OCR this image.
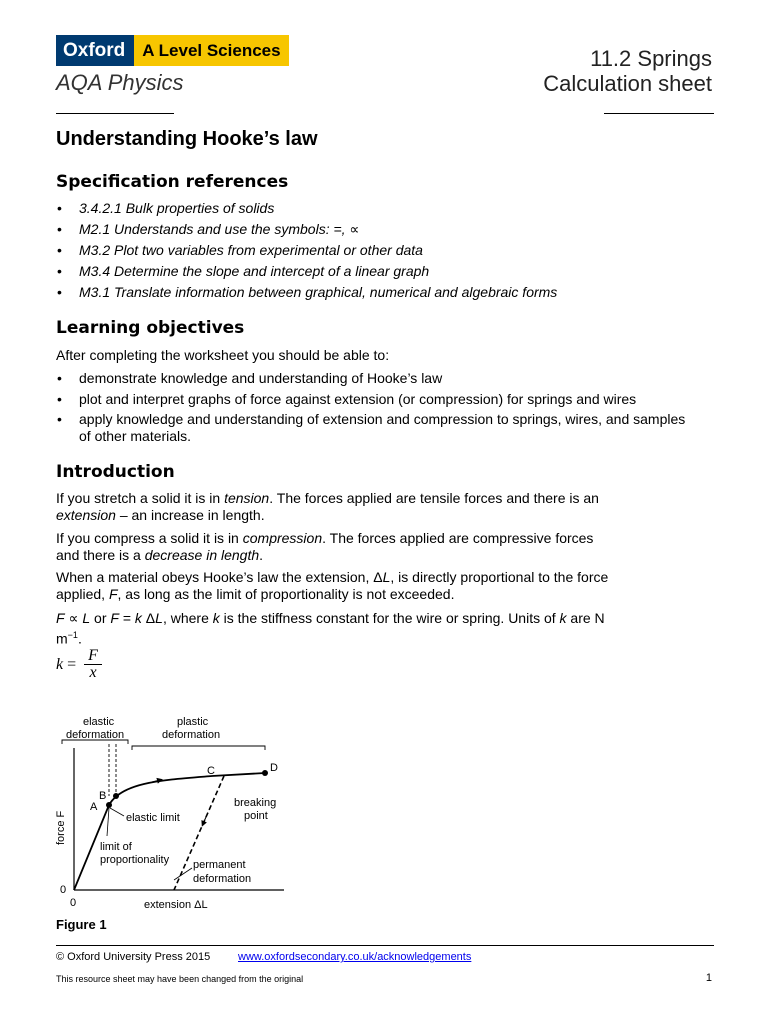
Oxford	A Level Sciences
AQA Physics
11.2 Springs
Calculation sheet
Understanding Hooke’s law
Specification references
• 3.4.2.1 Bulk properties of solids
• M2.1 Understands and use the symbols: =, ∝
• M3.2 Plot two variables from experimental or other data
• M3.4 Determine the slope and intercept of a linear graph
• M3.1 Translate information between graphical, numerical and algebraic forms
Learning objectives
After completing the worksheet you should be able to:
• demonstrate knowledge and understanding of Hooke’s law
• plot and interpret graphs of force against extension (or compression) for springs and wires
• apply knowledge and understanding of extension and compression to springs, wires, and samples of other materials.
Introduction
If you stretch a solid it is in tension. The forces applied are tensile forces and there is an extension – an increase in length.
If you compress a solid it is in compression. The forces applied are compressive forces and there is a decrease in length.
When a material obeys Hooke’s law the extension, ΔL, is directly proportional to the force applied, F, as long as the limit of proportionality is not exceeded.
F ∝ L or F = k ΔL, where k is the stiffness constant for the wire or spring. Units of k are N $m^{-1}$.
$k = \frac{F}{x}$
elastic
deformation
plastic
deformation
A
B
C	D
elastic limit
limit of
proportionality
breaking
point
permanent
deformation
force F
extension ΔL
0
0
Figure 1
© Oxford University Press 2015	www.oxfordsecondary.co.uk/acknowledgements
This resource sheet may have been changed from the original	1
